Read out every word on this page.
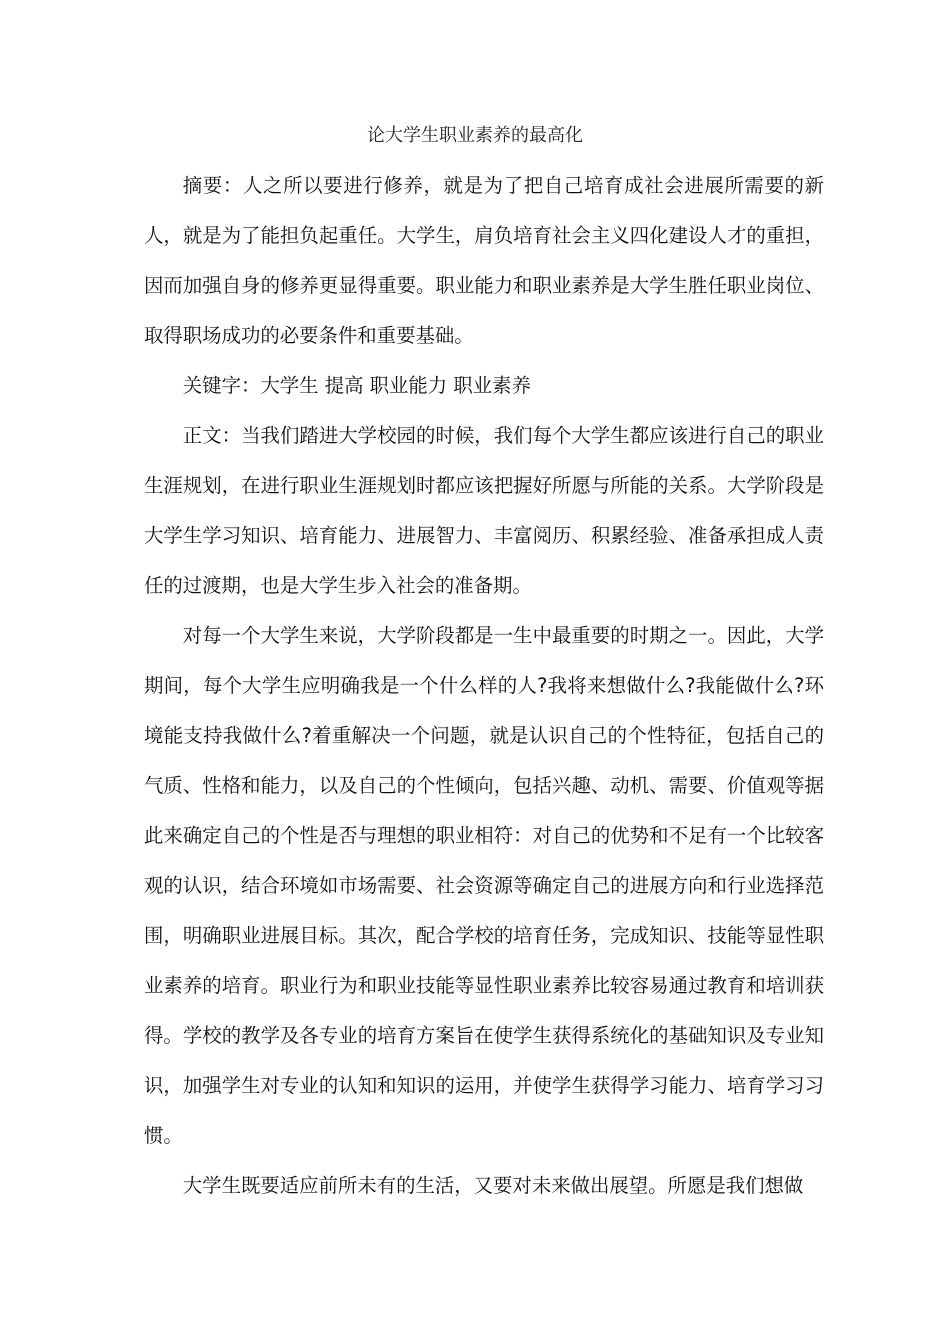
论大学生职业素养的最高化

摘要：人之所以要进行修养，就是为了把自己培育成社会进展所需要的新人，就是为了能担负起重任。大学生，肩负培育社会主义四化建设人才的重担，因而加强自身的修养更显得重要。职业能力和职业素养是大学生胜任职业岗位、取得职场成功的必要条件和重要基础。

关键字：大学生 提高 职业能力 职业素养

正文：当我们踏进大学校园的时候，我们每个大学生都应该进行自己的职业生涯规划，在进行职业生涯规划时都应该把握好所愿与所能的关系。大学阶段是大学生学习知识、培育能力、进展智力、丰富阅历、积累经验、准备承担成人责任的过渡期，也是大学生步入社会的准备期。

对每一个大学生来说，大学阶段都是一生中最重要的时期之一。因此，大学期间，每个大学生应明确我是一个什么样的人?我将来想做什么?我能做什么?环境能支持我做什么?着重解决一个问题，就是认识自己的个性特征，包括自己的气质、性格和能力，以及自己的个性倾向，包括兴趣、动机、需要、价值观等据此来确定自己的个性是否与理想的职业相符：对自己的优势和不足有一个比较客观的认识，结合环境如市场需要、社会资源等确定自己的进展方向和行业选择范围，明确职业进展目标。其次，配合学校的培育任务，完成知识、技能等显性职业素养的培育。职业行为和职业技能等显性职业素养比较容易通过教育和培训获得。学校的教学及各专业的培育方案旨在使学生获得系统化的基础知识及专业知识，加强学生对专业的认知和知识的运用，并使学生获得学习能力、培育学习习惯。

大学生既要适应前所未有的生活，又要对未来做出展望。所愿是我们想做
